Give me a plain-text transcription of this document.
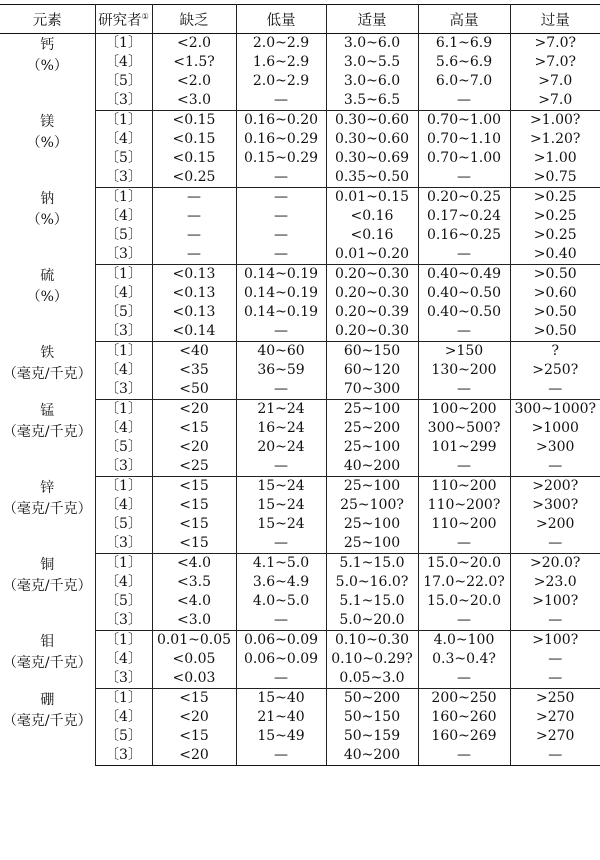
元素	研究者①	缺乏	低量	适量	高量	过量

钙
（%）	〔1〕	<2.0	2.0~2.9	3.0~6.0	6.1~6.9	>7.0?
	〔4〕	<1.5?	1.6~2.9	3.0~5.5	5.6~6.9	>7.0?
	〔5〕	<2.0	2.0~2.9	3.0~6.0	6.0~7.0	>7.0
	〔3〕	<3.0	—	3.5~6.5	—	>7.0

镁
（%）	〔1〕	<0.15	0.16~0.20	0.30~0.60	0.70~1.00	>1.00?
	〔4〕	<0.15	0.16~0.29	0.30~0.60	0.70~1.10	>1.20?
	〔5〕	<0.15	0.15~0.29	0.30~0.69	0.70~1.00	>1.00
	〔3〕	<0.25	—	0.35~0.50	—	>0.75

钠
（%）	〔1〕	—	—	0.01~0.15	0.20~0.25	>0.25
	〔4〕	—	—	<0.16	0.17~0.24	>0.25
	〔5〕	—	—	<0.16	0.16~0.25	>0.25
	〔3〕	—	—	0.01~0.20	—	>0.40

硫
（%）	〔1〕	<0.13	0.14~0.19	0.20~0.30	0.40~0.49	>0.50
	〔4〕	<0.13	0.14~0.19	0.20~0.30	0.40~0.50	>0.60
	〔5〕	<0.13	0.14~0.19	0.20~0.39	0.40~0.50	>0.50
	〔3〕	<0.14	—	0.20~0.30	—	>0.50

铁
（毫克/千克）	〔1〕	<40	40~60	60~150	>150	?
	〔4〕	<35	36~59	60~120	130~200	>250?
	〔3〕	<50	—	70~300	—	—

锰
（毫克/千克）	〔1〕	<20	21~24	25~100	100~200	300~1000?
	〔4〕	<15	16~24	25~200	300~500?	>1000
	〔5〕	<20	20~24	25~100	101~299	>300
	〔3〕	<25	—	40~200	—	—

锌
（毫克/千克）	〔1〕	<15	15~24	25~100	110~200	>200?
	〔4〕	<15	15~24	25~100?	110~200?	>300?
	〔5〕	<15	15~24	25~100	110~200	>200
	〔3〕	<15	—	25~100	—	—

铜
（毫克/千克）	〔1〕	<4.0	4.1~5.0	5.1~15.0	15.0~20.0	>20.0?
	〔4〕	<3.5	3.6~4.9	5.0~16.0?	17.0~22.0?	>23.0
	〔5〕	<4.0	4.0~5.0	5.1~15.0	15.0~20.0	>100?
	〔3〕	<3.0	—	5.0~20.0	—	—

钼
（毫克/千克）	〔1〕	0.01~0.05	0.06~0.09	0.10~0.30	4.0~100	>100?
	〔4〕	<0.05	0.06~0.09	0.10~0.29?	0.3~0.4?	—
	〔3〕	<0.03	—	0.05~3.0	—	—

硼
（毫克/千克）	〔1〕	<15	15~40	50~200	200~250	>250
	〔4〕	<20	21~40	50~150	160~260	>270
	〔5〕	<15	15~49	50~159	160~269	>270
	〔3〕	<20	—	40~200	—	—
